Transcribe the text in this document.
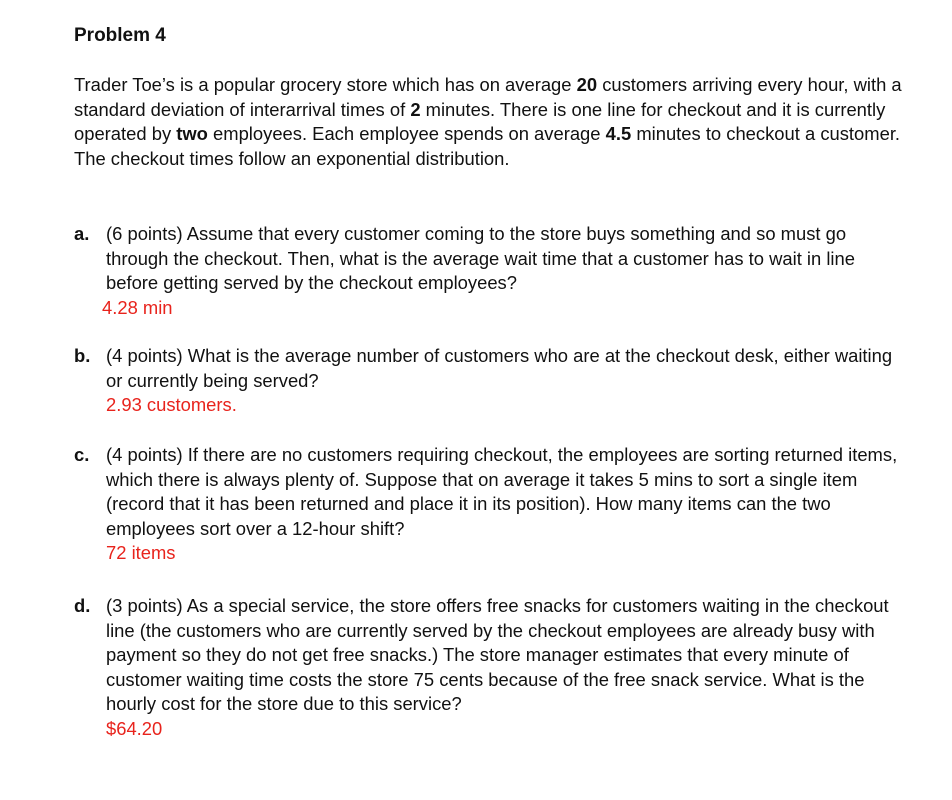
Problem 4

Trader Toe’s is a popular grocery store which has on average 20 customers arriving every hour, with a standard deviation of interarrival times of 2 minutes. There is one line for checkout and it is currently operated by two employees. Each employee spends on average 4.5 minutes to checkout a customer. The checkout times follow an exponential distribution.

a. (6 points) Assume that every customer coming to the store buys something and so must go through the checkout. Then, what is the average wait time that a customer has to wait in line before getting served by the checkout employees?
4.28 min
b. (4 points) What is the average number of customers who are at the checkout desk, either waiting or currently being served?
2.93 customers.
c. (4 points) If there are no customers requiring checkout, the employees are sorting returned items, which there is always plenty of. Suppose that on average it takes 5 mins to sort a single item (record that it has been returned and place it in its position). How many items can the two employees sort over a 12-hour shift?
72 items
d. (3 points) As a special service, the store offers free snacks for customers waiting in the checkout line (the customers who are currently served by the checkout employees are already busy with payment so they do not get free snacks.) The store manager estimates that every minute of customer waiting time costs the store 75 cents because of the free snack service. What is the hourly cost for the store due to this service?
$64.20
